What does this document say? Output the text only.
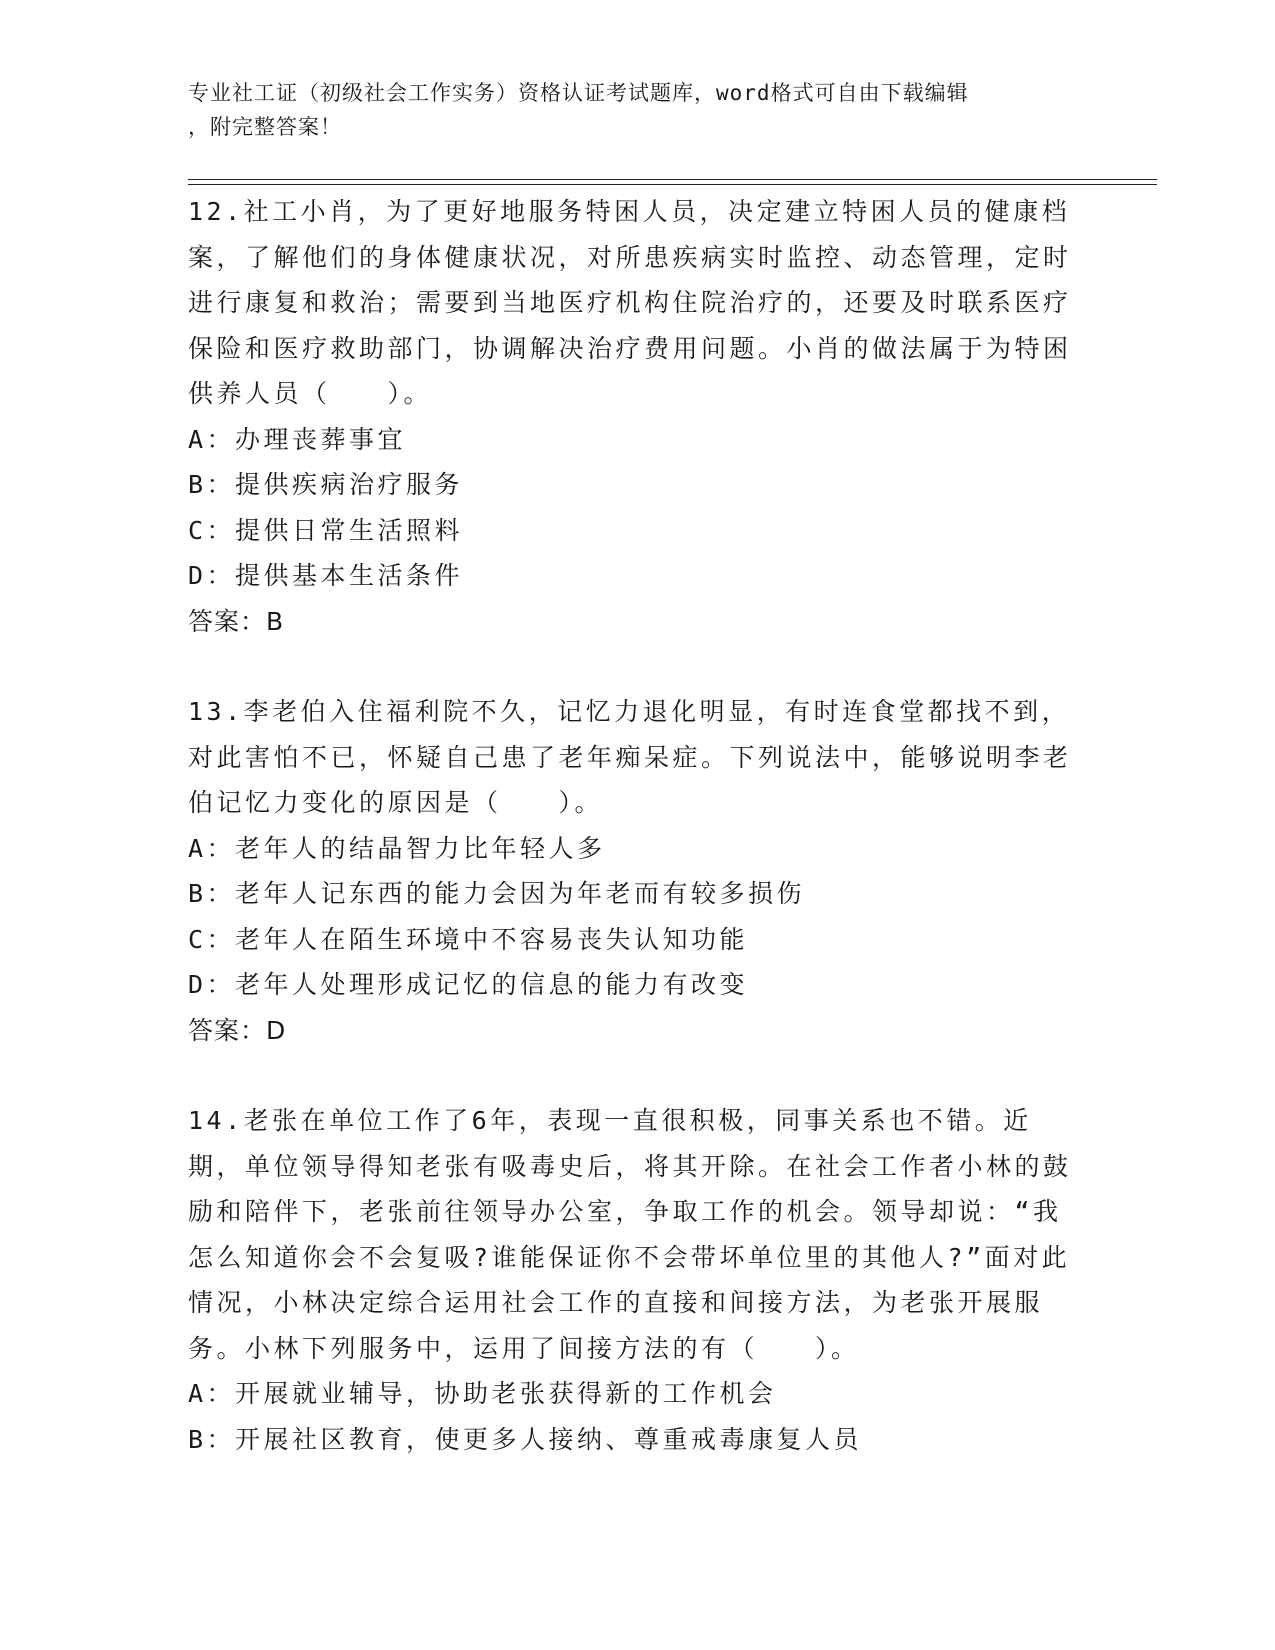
专业社工证（初级社会工作实务）资格认证考试题库，word格式可自由下载编辑
，附完整答案！
12.社工小肖，为了更好地服务特困人员，决定建立特困人员的健康档案，了解他们的身体健康状况，对所患疾病实时监控、动态管理，定时进行康复和救治；需要到当地医疗机构住院治疗的，还要及时联系医疗保险和医疗救助部门，协调解决治疗费用问题。小肖的做法属于为特困供养人员（　　）。
A：办理丧葬事宜
B：提供疾病治疗服务
C：提供日常生活照料
D：提供基本生活条件
答案：B
13.李老伯入住福利院不久，记忆力退化明显，有时连食堂都找不到，对此害怕不已，怀疑自己患了老年痴呆症。下列说法中，能够说明李老伯记忆力变化的原因是（　　）。
A：老年人的结晶智力比年轻人多
B：老年人记东西的能力会因为年老而有较多损伤
C：老年人在陌生环境中不容易丧失认知功能
D：老年人处理形成记忆的信息的能力有改变
答案：D
14.老张在单位工作了6年，表现一直很积极，同事关系也不错。近期，单位领导得知老张有吸毒史后，将其开除。在社会工作者小林的鼓励和陪伴下，老张前往领导办公室，争取工作的机会。领导却说：“我怎么知道你会不会复吸?谁能保证你不会带坏单位里的其他人?”面对此情况，小林决定综合运用社会工作的直接和间接方法，为老张开展服务。小林下列服务中，运用了间接方法的有（　　）。
A：开展就业辅导，协助老张获得新的工作机会
B：开展社区教育，使更多人接纳、尊重戒毒康复人员
